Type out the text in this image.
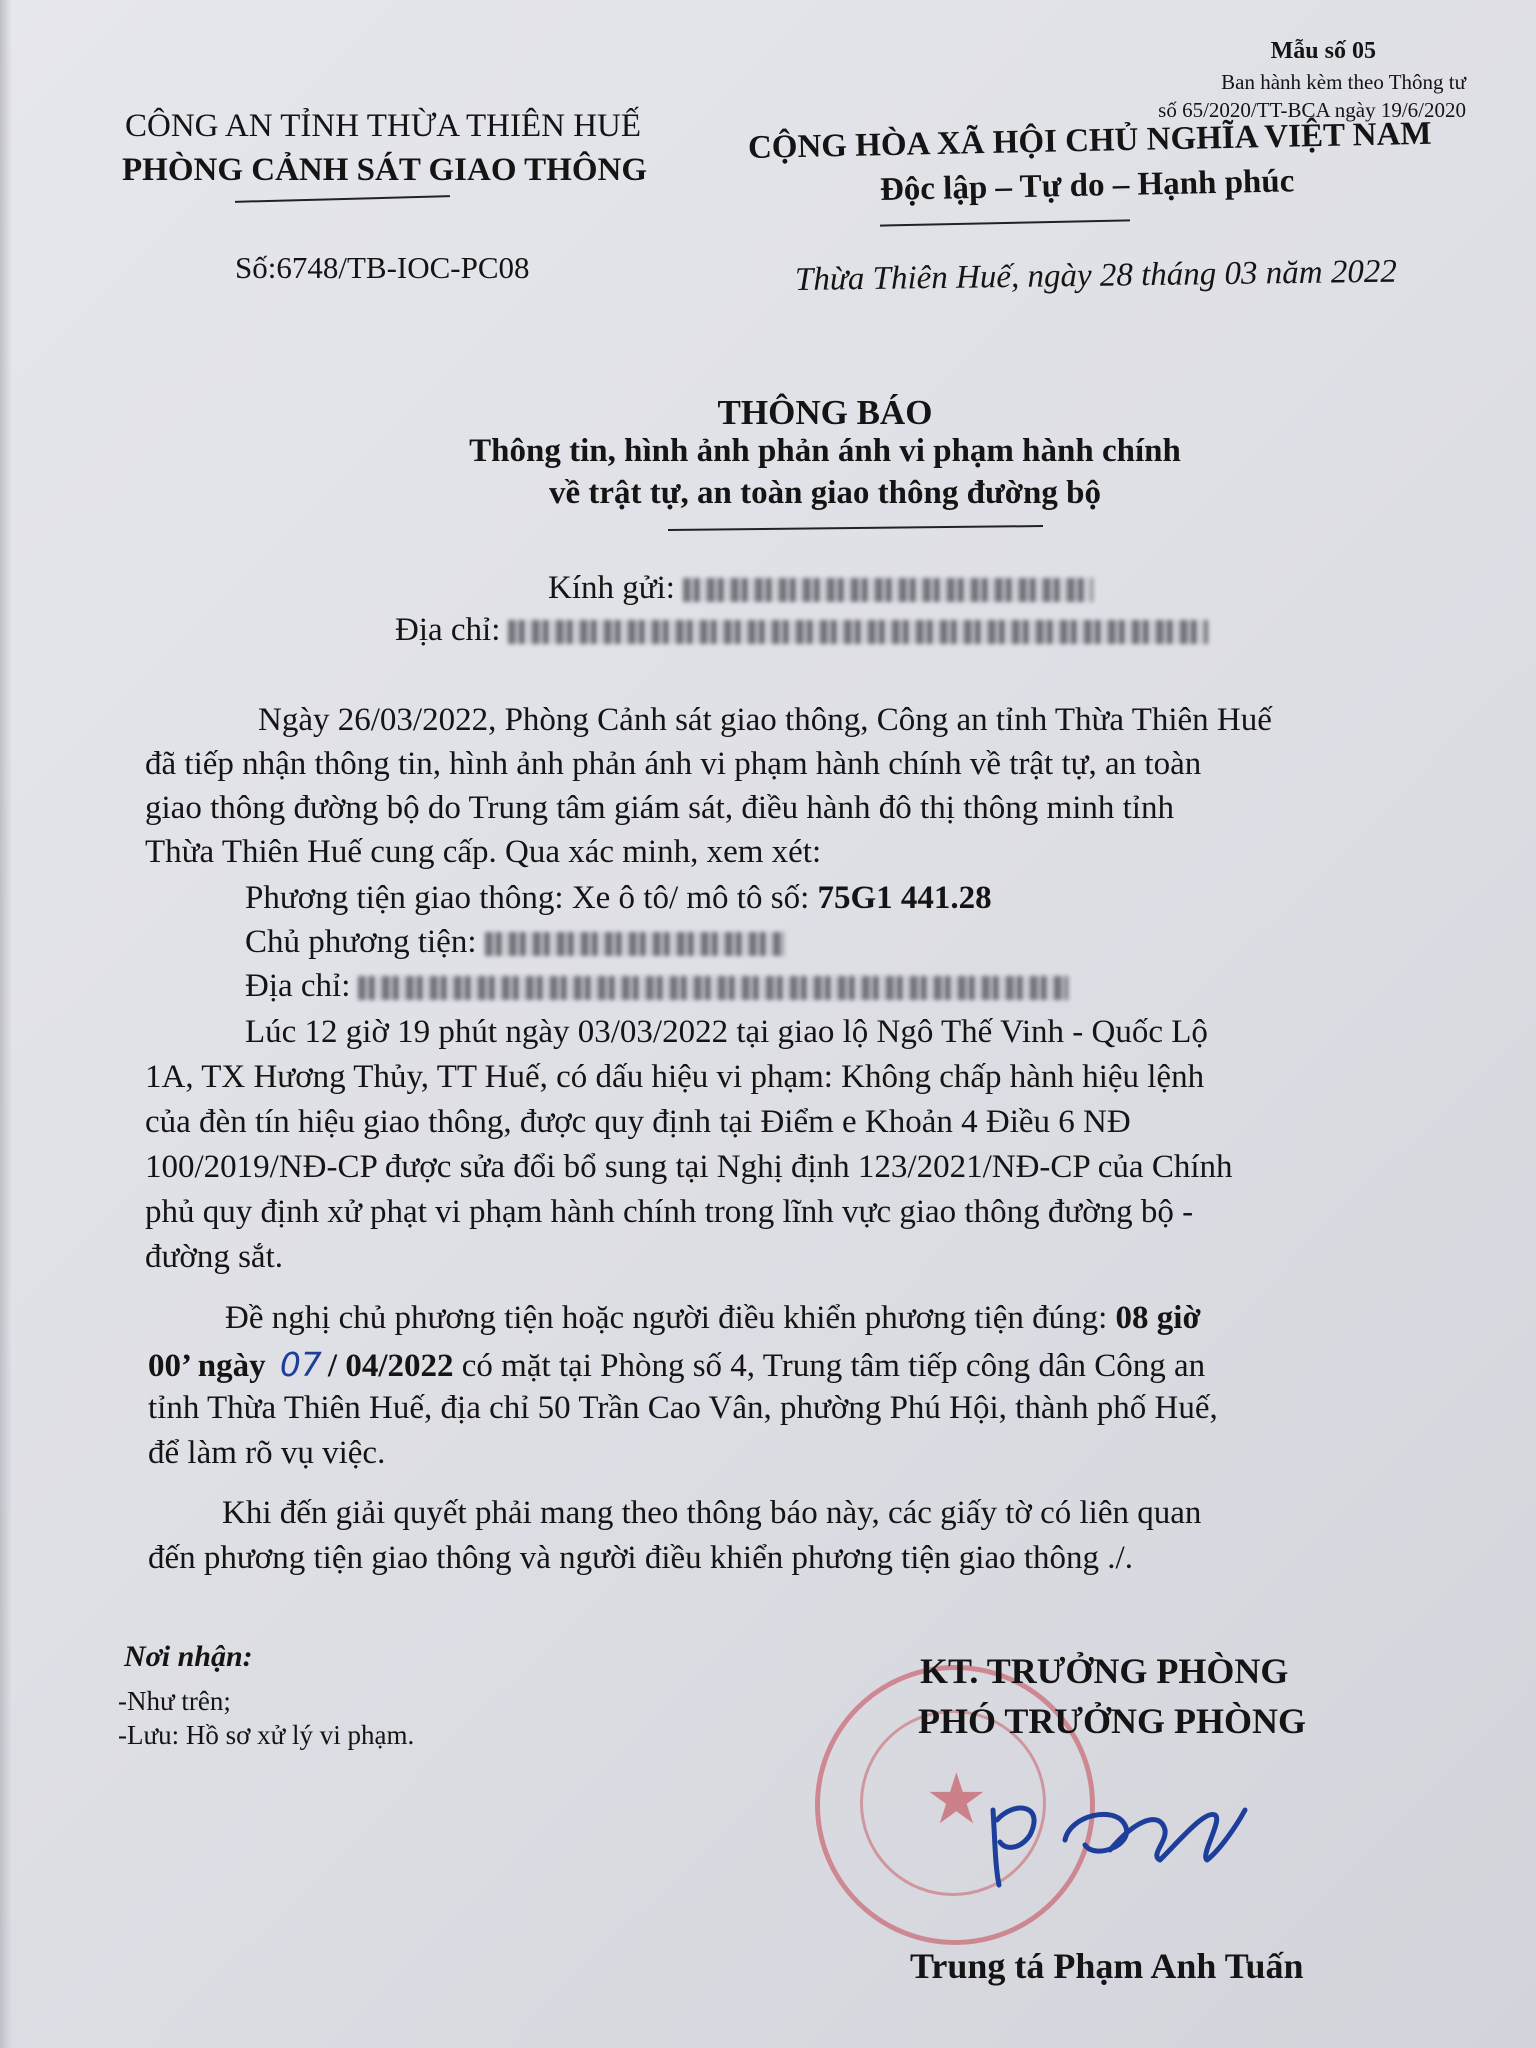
Mẫu số 05
Ban hành kèm theo Thông tư
số 65/2020/TT-BCA ngày 19/6/2020
CÔNG AN TỈNH THỪA THIÊN HUẾ
PHÒNG CẢNH SÁT GIAO THÔNG
Số:6748/TB-IOC-PC08
CỘNG HÒA XÃ HỘI CHỦ NGHĨA VIỆT NAM
Độc lập – Tự do – Hạnh phúc
Thừa Thiên Huế, ngày 28 tháng 03 năm 2022
THÔNG BÁO
Thông tin, hình ảnh phản ánh vi phạm hành chính
về trật tự, an toàn giao thông đường bộ
Kính gửi:
Địa chỉ:
Ngày 26/03/2022, Phòng Cảnh sát giao thông, Công an tỉnh Thừa Thiên Huế
đã tiếp nhận thông tin, hình ảnh phản ánh vi phạm hành chính về trật tự, an toàn
giao thông đường bộ do Trung tâm giám sát, điều hành đô thị thông minh tỉnh
Thừa Thiên Huế cung cấp. Qua xác minh, xem xét:
Phương tiện giao thông: Xe ô tô/ mô tô số: 75G1 441.28
Chủ phương tiện:
Địa chỉ:
Lúc 12 giờ 19 phút ngày 03/03/2022 tại giao lộ Ngô Thế Vinh - Quốc Lộ
1A, TX Hương Thủy, TT Huế, có dấu hiệu vi phạm: Không chấp hành hiệu lệnh
của đèn tín hiệu giao thông, được quy định tại Điểm e Khoản 4 Điều 6 NĐ
100/2019/NĐ-CP được sửa đổi bổ sung tại Nghị định 123/2021/NĐ-CP của Chính
phủ quy định xử phạt vi phạm hành chính trong lĩnh vực giao thông đường bộ -
đường sắt.
Đề nghị chủ phương tiện hoặc người điều khiển phương tiện đúng: 08 giờ
00’ ngày 07 / 04/2022 có mặt tại Phòng số 4, Trung tâm tiếp công dân Công an
tỉnh Thừa Thiên Huế, địa chỉ 50 Trần Cao Vân, phường Phú Hội, thành phố Huế,
để làm rõ vụ việc.
Khi đến giải quyết phải mang theo thông báo này, các giấy tờ có liên quan
đến phương tiện giao thông và người điều khiển phương tiện giao thông ./.
Nơi nhận:
-Như trên;
-Lưu: Hồ sơ xử lý vi phạm.
★
KT. TRƯỞNG PHÒNG
PHÓ TRƯỞNG PHÒNG
Trung tá Phạm Anh Tuấn
